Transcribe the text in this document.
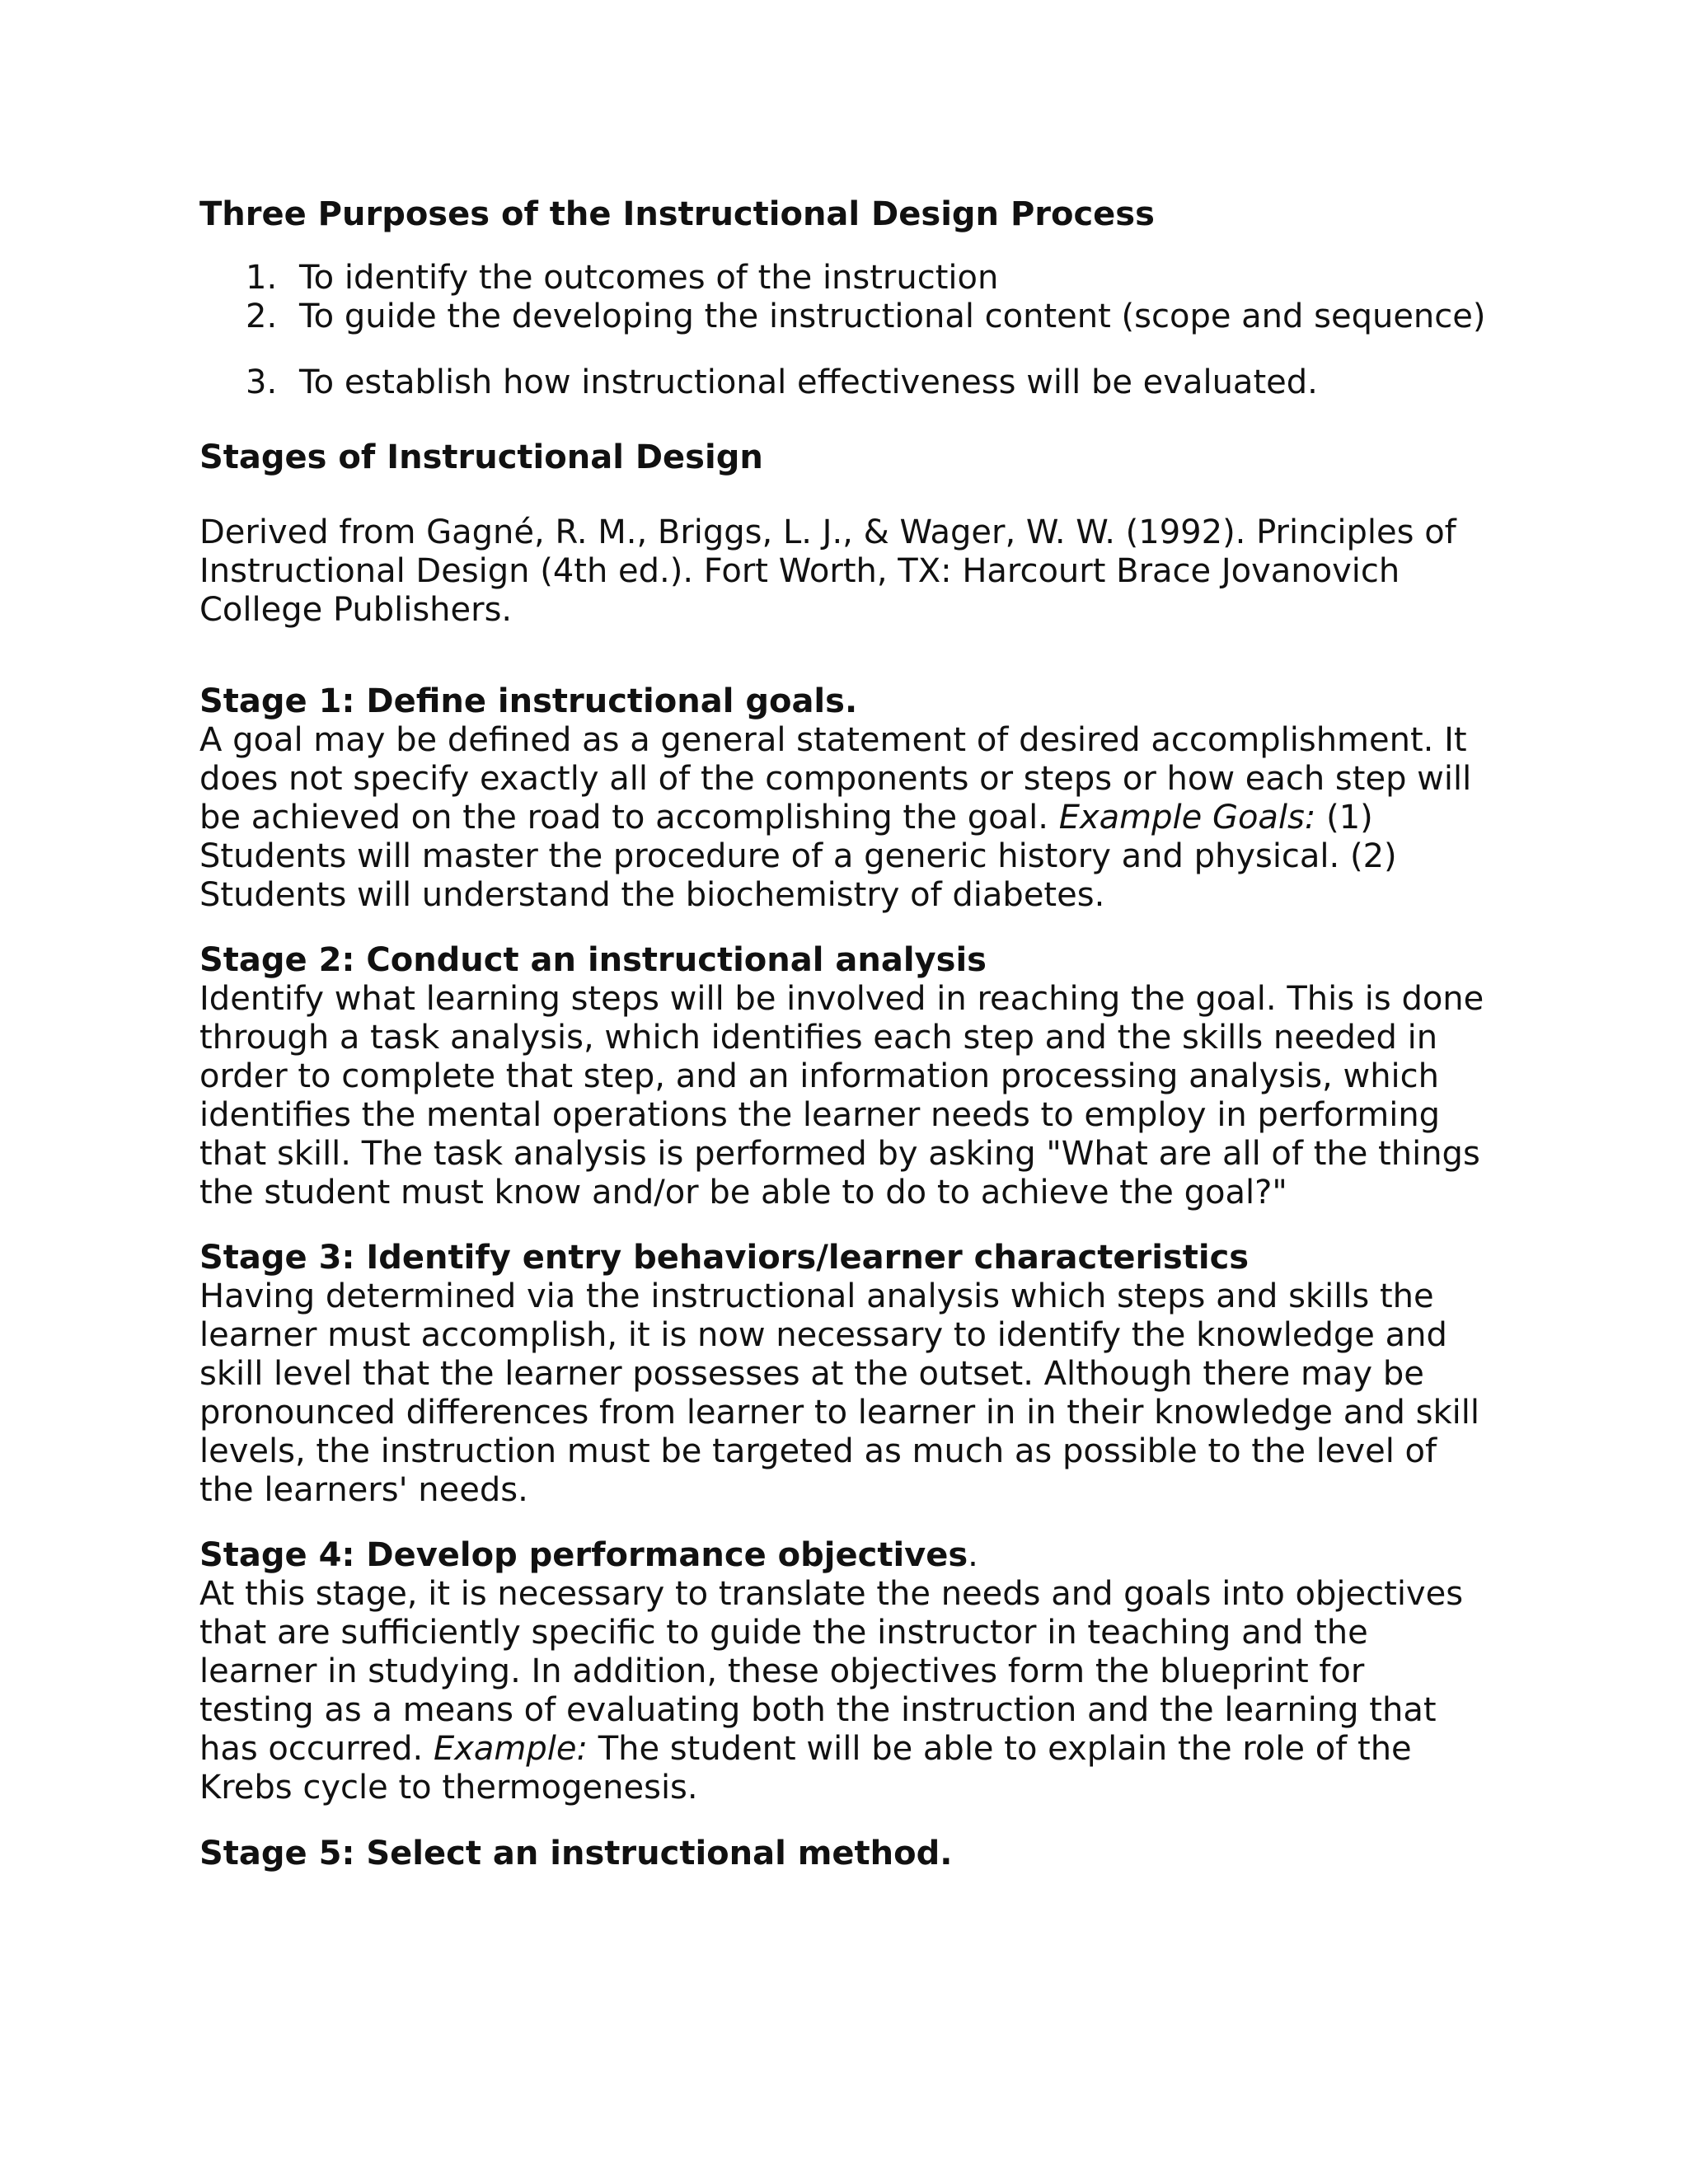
Three Purposes of the Instructional Design Process
1. To identify the outcomes of the instruction
2. To guide the developing the instructional content (scope and sequence)
3. To establish how instructional effectiveness will be evaluated.
Stages of Instructional Design

Derived from Gagné, R. M., Briggs, L. J., & Wager, W. W. (1992). Principles of Instructional Design (4th ed.). Fort Worth, TX: Harcourt Brace Jovanovich College Publishers.

Stage 1: Define instructional goals.

A goal may be defined as a general statement of desired accomplishment. It does not specify exactly all of the components or steps or how each step will be achieved on the road to accomplishing the goal. Example Goals: (1) Students will master the procedure of a generic history and physical. (2) Students will understand the biochemistry of diabetes.

Stage 2: Conduct an instructional analysis

Identify what learning steps will be involved in reaching the goal. This is done through a task analysis, which identifies each step and the skills needed in order to complete that step, and an information processing analysis, which identifies the mental operations the learner needs to employ in performing that skill. The task analysis is performed by asking "What are all of the things the student must know and/or be able to do to achieve the goal?"

Stage 3: Identify entry behaviors/learner characteristics

Having determined via the instructional analysis which steps and skills the learner must accomplish, it is now necessary to identify the knowledge and skill level that the learner possesses at the outset. Although there may be pronounced differences from learner to learner in in their knowledge and skill levels, the instruction must be targeted as much as possible to the level of the learners' needs.

Stage 4: Develop performance objectives.

At this stage, it is necessary to translate the needs and goals into objectives that are sufficiently specific to guide the instructor in teaching and the learner in studying. In addition, these objectives form the blueprint for testing as a means of evaluating both the instruction and the learning that has occurred. Example: The student will be able to explain the role of the Krebs cycle to thermogenesis.

Stage 5: Select an instructional method.
